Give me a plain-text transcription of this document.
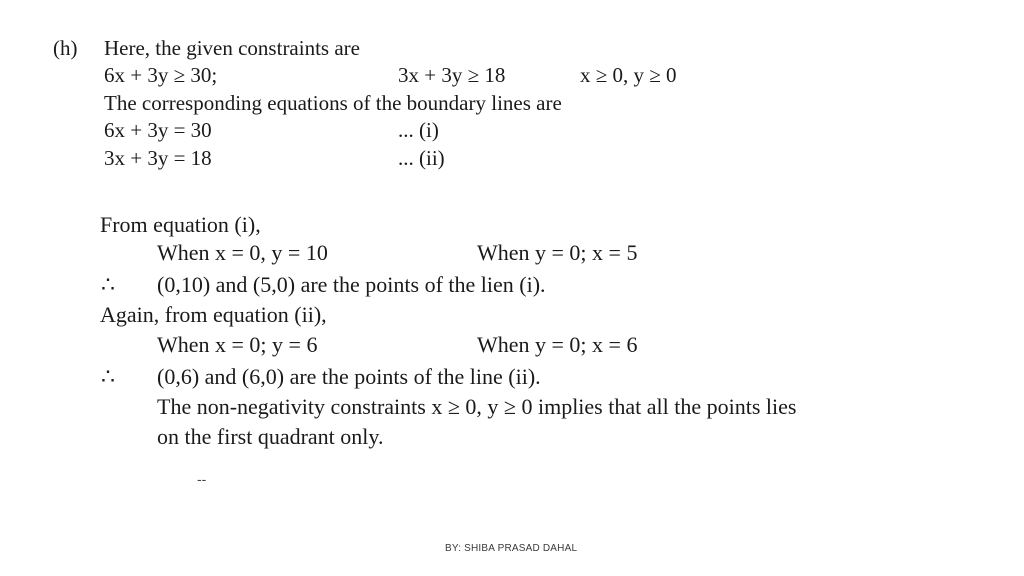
(h) Here, the given constraints are
6x + 3y ≥ 30;	3x + 3y ≥ 18	x ≥ 0, y ≥ 0
The corresponding equations of the boundary lines are
6x + 3y = 30	... (i)
3x + 3y = 18	... (ii)
From equation (i),
When x = 0, y = 10	When y = 0; x = 5
∴ (0,10) and (5,0) are the points of the lien (i).
Again, from equation (ii),
When x = 0; y = 6	When y = 0; x = 6
∴ (0,6) and (6,0) are the points of the line (ii).
The non-negativity constraints x ≥ 0, y ≥ 0 implies that all the points lies
on the first quadrant only.
--
BY: SHIBA PRASAD DAHAL
